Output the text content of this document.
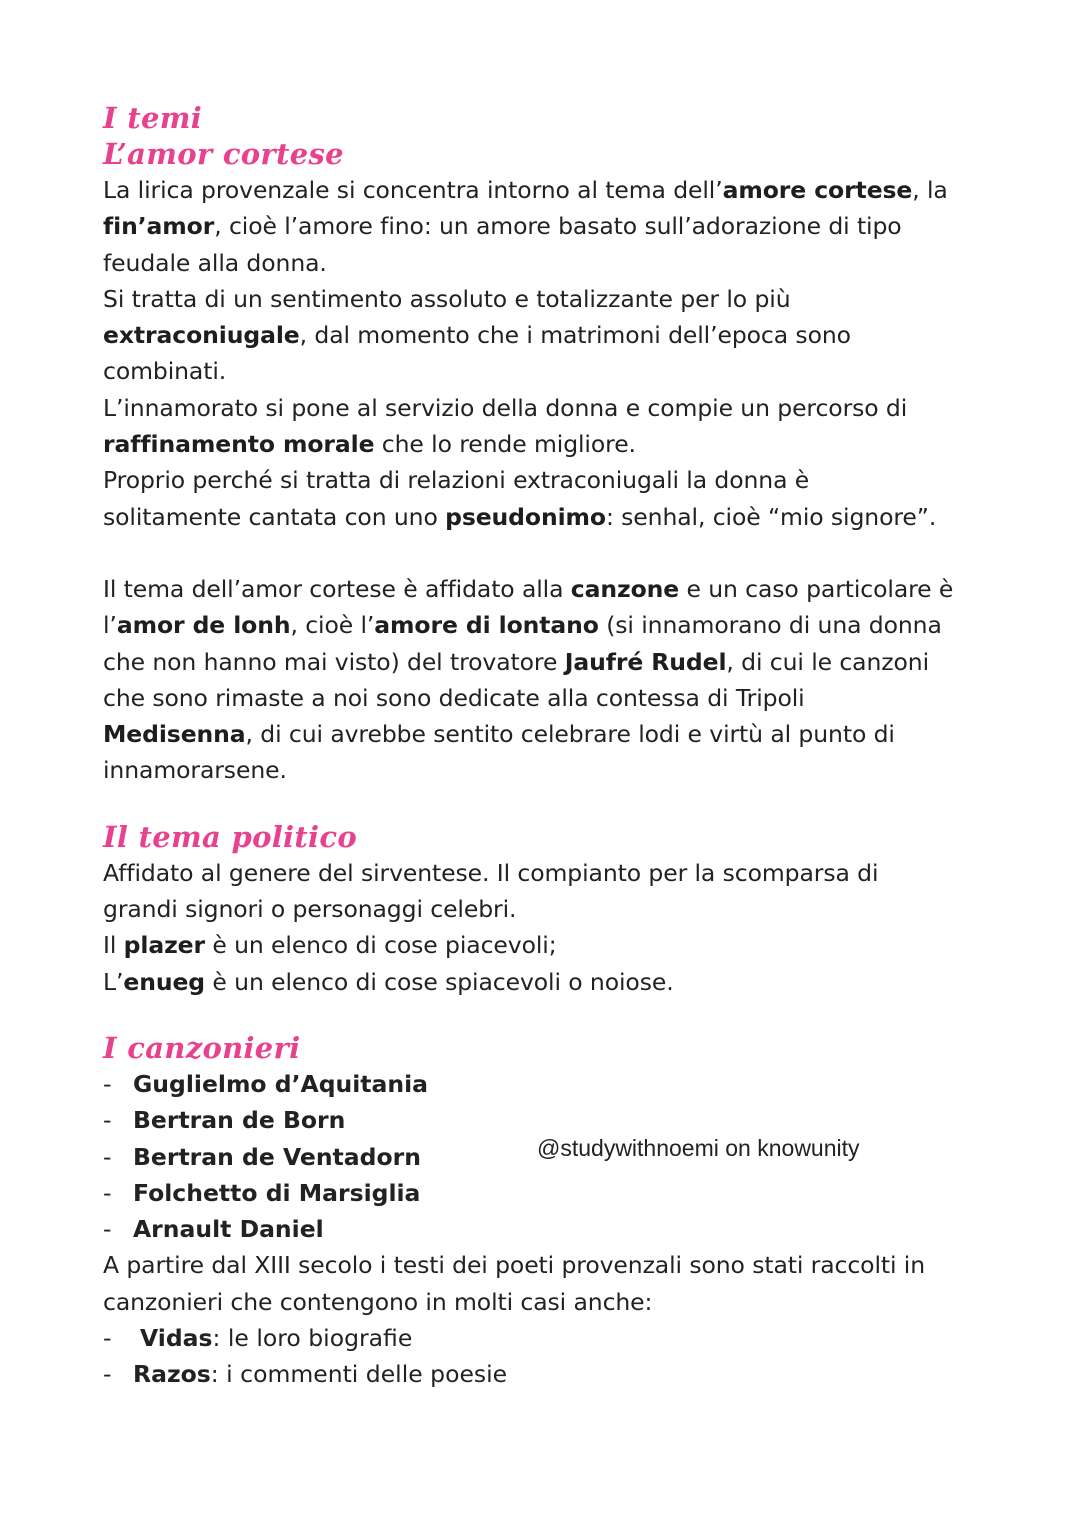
I temi
L’amor cortese

La lirica provenzale si concentra intorno al tema dell’amore cortese, la

fin’amor, cioè l’amore fino: un amore basato sull’adorazione di tipo

feudale alla donna.

Si tratta di un sentimento assoluto e totalizzante per lo più

extraconiugale, dal momento che i matrimoni dell’epoca sono

combinati.

L’innamorato si pone al servizio della donna e compie un percorso di

raffinamento morale che lo rende migliore.

Proprio perché si tratta di relazioni extraconiugali la donna è

solitamente cantata con uno pseudonimo: senhal, cioè “mio signore”.

Il tema dell’amor cortese è affidato alla canzone e un caso particolare è

l’amor de lonh, cioè l’amore di lontano (si innamorano di una donna

che non hanno mai visto) del trovatore Jaufré Rudel, di cui le canzoni

che sono rimaste a noi sono dedicate alla contessa di Tripoli

Medisenna, di cui avrebbe sentito celebrare lodi e virtù al punto di

innamorarsene.

Il tema politico

Affidato al genere del sirventese. Il compianto per la scomparsa di

grandi signori o personaggi celebri.

Il plazer è un elenco di cose piacevoli;

L’enueg è un elenco di cose spiacevoli o noiose.

I canzonieri
- Guglielmo d’Aquitania
- Bertran de Born
- Bertran de Ventadorn
- Folchetto di Marsiglia
- Arnault Daniel

A partire dal XIII secolo i testi dei poeti provenzali sono stati raccolti in

canzonieri che contengono in molti casi anche:

- Vidas: le loro biografie
- Razos: i commenti delle poesie
@studywithnoemi on knowunity
